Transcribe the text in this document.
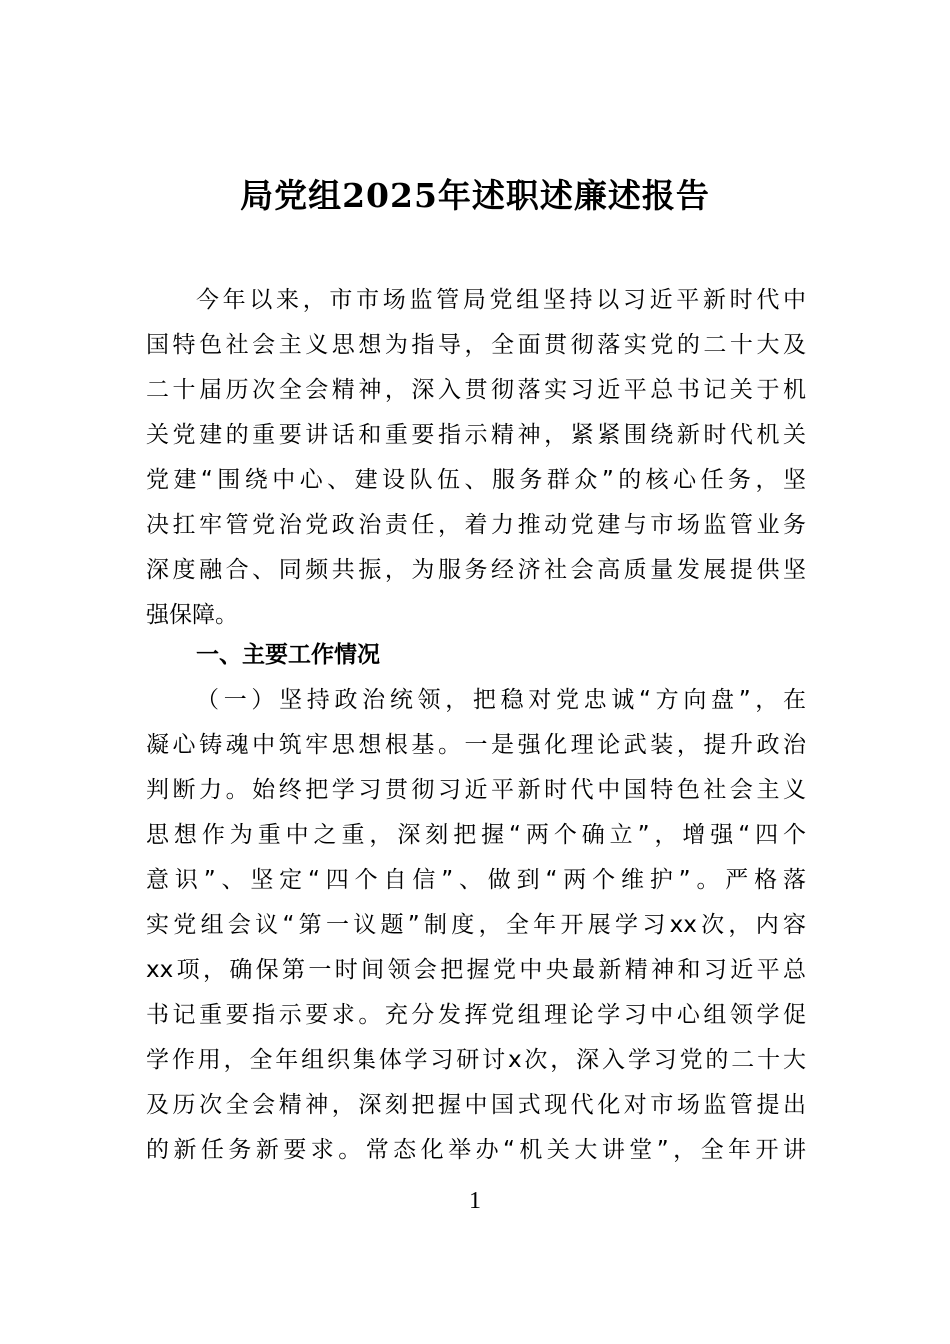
局党组2025年述职述廉述报告
今年以来，市市场监管局党组坚持以习近平新时代中
国特色社会主义思想为指导，全面贯彻落实党的二十大及
二十届历次全会精神，深入贯彻落实习近平总书记关于机
关党建的重要讲话和重要指示精神，紧紧围绕新时代机关
党建“围绕中心、建设队伍、服务群众”的核心任务，坚
决扛牢管党治党政治责任，着力推动党建与市场监管业务
深度融合、同频共振，为服务经济社会高质量发展提供坚
强保障。
一、主要工作情况
（一）坚持政治统领，把稳对党忠诚“方向盘”，在
凝心铸魂中筑牢思想根基。一是强化理论武装，提升政治
判断力。始终把学习贯彻习近平新时代中国特色社会主义
思想作为重中之重，深刻把握“两个确立”，增强“四个
意识”、坚定“四个自信”、做到“两个维护”。严格落
实党组会议“第一议题”制度，全年开展学习xx次，内容
xx项，确保第一时间领会把握党中央最新精神和习近平总
书记重要指示要求。充分发挥党组理论学习中心组领学促
学作用，全年组织集体学习研讨x次，深入学习党的二十大
及历次全会精神，深刻把握中国式现代化对市场监管提出
的新任务新要求。常态化举办“机关大讲堂”，全年开讲
1
